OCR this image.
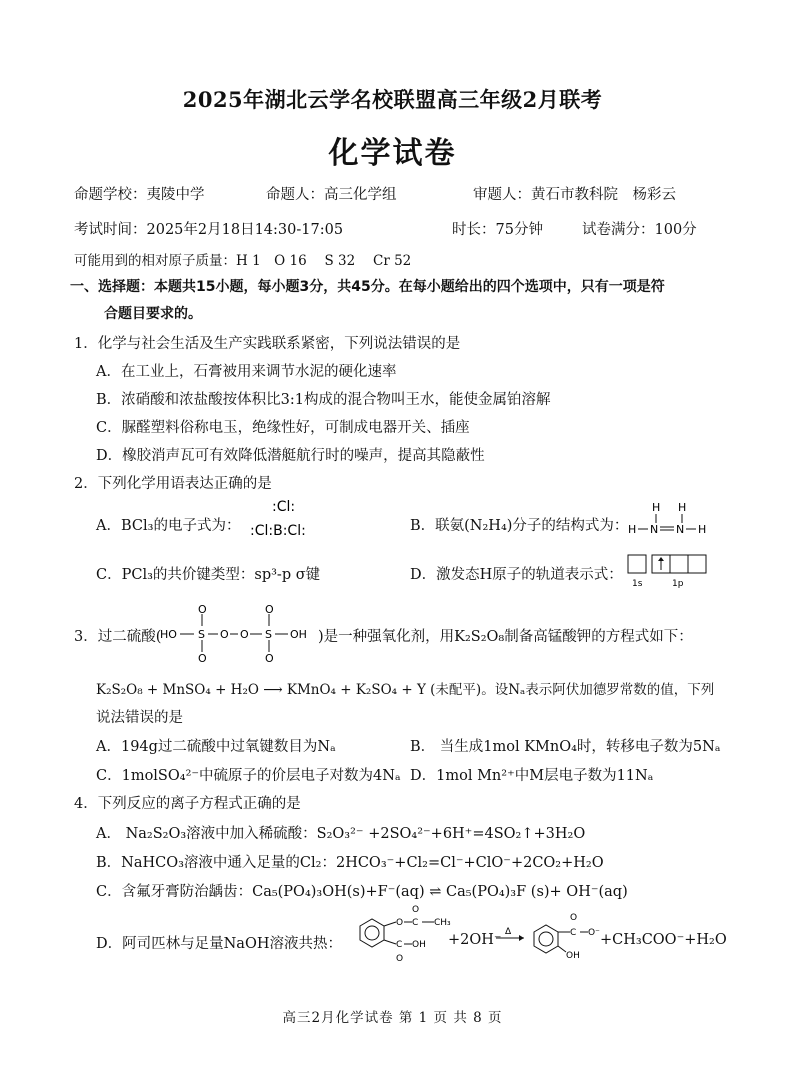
2025年湖北云学名校联盟高三年级2月联考
化学试卷
命题学校：夷陵中学	命题人：高三化学组	审题人：黄石市教科院　杨彩云
考试时间：2025年2月18日14:30-17:05	时长：75分钟	试卷满分：100分
可能用到的相对原子质量：H 1　O 16　 S 32　 Cr 52
一、选择题：本题共15小题，每小题3分，共45分。在每小题给出的四个选项中，只有一项是符
合题目要求的。
1．化学与社会生活及生产实践联系紧密，下列说法错误的是
A．在工业上，石膏被用来调节水泥的硬化速率
B．浓硝酸和浓盐酸按体积比3:1构成的混合物叫王水，能使金属铂溶解
C．脲醛塑料俗称电玉，绝缘性好，可制成电器开关、插座
D．橡胶消声瓦可有效降低潜艇航行时的噪声，提高其隐蔽性
2．下列化学用语表达正确的是
A．BCl₃的电子式为：
:Cl:
:Cl:B:Cl:	B．联氨(N₂H₄)分子的结构式为：
H H
H N N H
C．PCl₃的共价键类型：sp³-p σ键	D．激发态H原子的轨道表示式：
1s	1p
3．过二硫酸(
HO S
O
O
O O S
O
O
OH )是一种强氧化剂，用K₂S₂O₈制备高锰酸钾的方程式如下：
K₂S₂O₈ + MnSO₄ + H₂O ⟶ KMnO₄ + K₂SO₄ + Y (未配平)。设Nₐ表示阿伏加德罗常数的值，下列
说法错误的是
A．194g过二硫酸中过氧键数目为Nₐ	B． 当生成1mol KMnO₄时，转移电子数为5Nₐ
C．1molSO₄²⁻中硫原子的价层电子对数为4Nₐ D．1mol Mn²⁺中M层电子数为11Nₐ
4．下列反应的离子方程式正确的是
A． Na₂S₂O₃溶液中加入稀硫酸：S₂O₃²⁻ +2SO₄²⁻+6H⁺=4SO₂↑+3H₂O
B．NaHCO₃溶液中通入足量的Cl₂：2HCO₃⁻+Cl₂=Cl⁻+ClO⁻+2CO₂+H₂O
C．含氟牙膏防治龋齿：Ca₅(PO₄)₃OH(s)+F⁻(aq) ⇌ Ca₅(PO₄)₃F (s)+ OH⁻(aq)
D．阿司匹林与足量NaOH溶液共热：
O C
O
CH₃
C
O
OH +2OH⁻ Δ	C
O
O⁻
OH
+CH₃COO⁻+H₂O
高三2月化学试卷 第 1 页 共 8 页
